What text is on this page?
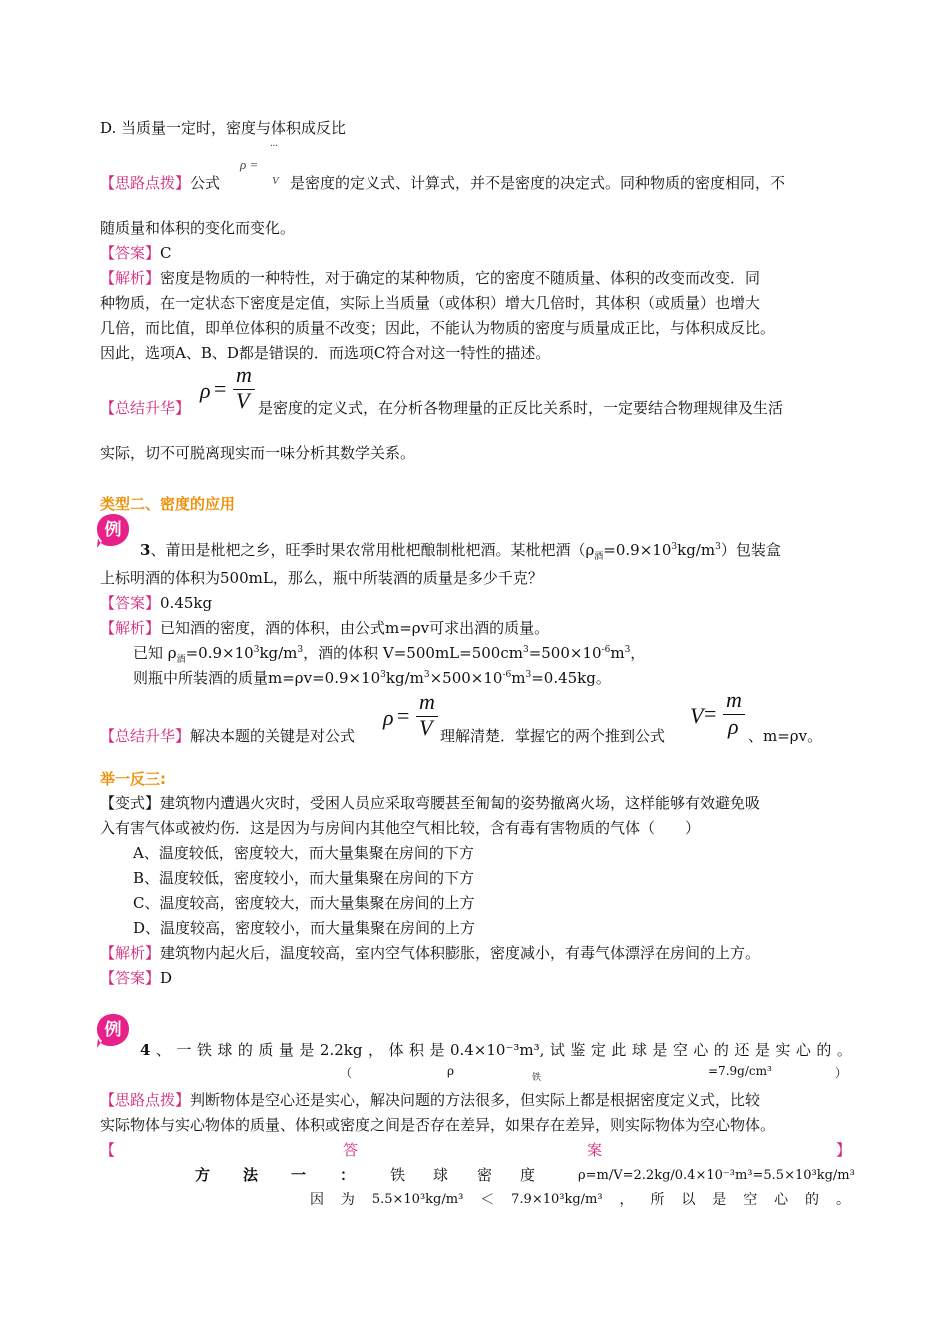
D. 当质量一定时，密度与体积成反比
【思路点拨】公式
ρ =
···
V 是密度的定义式、计算式，并不是密度的决定式。同种物质的密度相同，不
随质量和体积的变化而变化。
【答案】C
【解析】密度是物质的一种特性，对于确定的某种物质，它的密度不随质量、体积的改变而改变．同
种物质，在一定状态下密度是定值，实际上当质量（或体积）增大几倍时，其体积（或质量）也增大
几倍，而比值，即单位体积的质量不改变；因此，不能认为物质的密度与质量成正比，与体积成反比。
因此，选项A、B、D都是错误的．而选项C符合对这一特性的描述。
ρ =
m
V
【总结升华】	是密度的定义式，在分析各物理量的正反比关系时，一定要结合物理规律及生活
实际，切不可脱离现实而一味分析其数学关系。
类型二、密度的应用
例
3、莆田是枇杷之乡，旺季时果农常用枇杷酿制枇杷酒。某枇杷酒$(\rho_酒=0.9\times 10^3kg/m^3)$包装盒
上标明酒的体积为500mL，那么，瓶中所装酒的质量是多少千克？
【答案】0.45kg
【解析】已知酒的密度，酒的体积，由公式m=ρv可求出酒的质量。
已知 $\rho_酒=0.9\times 10^3kg/m^3$，酒的体积 $V=500mL=500cm^3=500\times 10^{-6}m^3$，
则瓶中所装酒的质量$m=\rho v=0.9\times 10^3kg/m^3\times 500\times 10^{-6}m^3=0.45kg$。
【总结升华】解决本题的关键是对公式
ρ =
m
V 理解清楚．掌握它的两个推到公式
V =
m
ρ 、m=ρv。
举一反三:
【变式】建筑物内遭遇火灾时，受困人员应采取弯腰甚至匍匐的姿势撤离火场，这样能够有效避免吸
入有害气体或被灼伤．这是因为与房间内其他空气相比较，含有毒有害物质的气体（　　）
A、温度较低，密度较大，而大量集聚在房间的下方
B、温度较低，密度较小，而大量集聚在房间的下方
C、温度较高，密度较大，而大量集聚在房间的上方
D、温度较高，密度较小，而大量集聚在房间的上方
【解析】建筑物内起火后，温度较高，室内空气体积膨胀，密度减小，有毒气体漂浮在房间的上方。
【答案】D
例
4 、 一 铁 球 的 质 量 是 2.2kg ， 体 积 是 0.4×10⁻³m³, 试 鉴 定 此 球 是 空 心 的 还 是 实 心 的 。
（	ρ	铁	=7.9g/cm³	）
【思路点拨】判断物体是空心还是实心，解决问题的方法很多，但实际上都是根据密度定义式，比较
实际物体与实心物体的质量、体积或密度之间是否存在差异，如果存在差异，则实际物体为空心物体。
【	答	案	】
方 法 一 ： 铁 球 密 度	ρ=m/V=2.2kg/0.4×10⁻³m³=5.5×10³kg/m³
因 为 5.5×10³kg/m³ ＜ 7.9×10³kg/m³ ， 所 以 是 空 心 的 。
